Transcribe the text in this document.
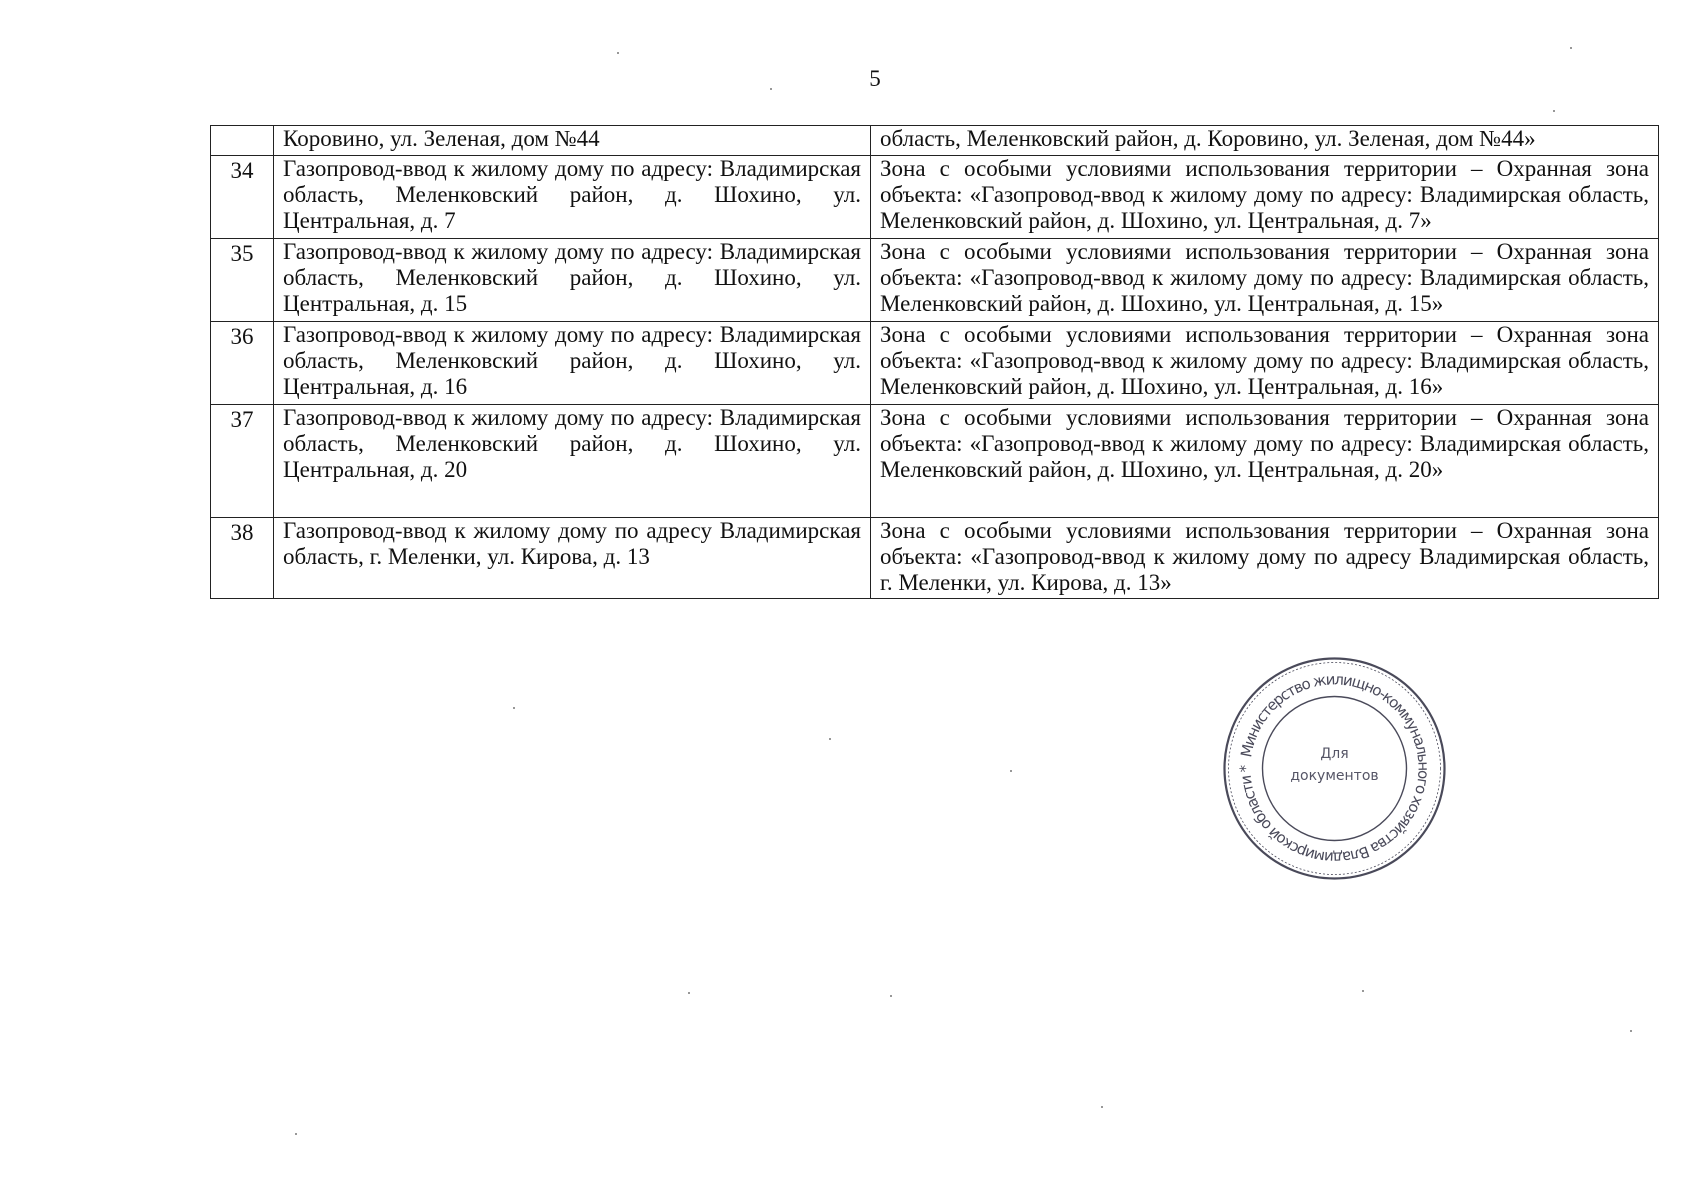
5
	Коровино, ул. Зеленая, дом №44	область, Меленковский район, д. Коровино, ул. Зеленая, дом №44»
34	Газопровод-ввод к жилому дому по адресу: Владимирская область, Меленковский район, д. Шохино, ул. Центральная, д. 7	Зона с особыми условиями использования территории – Охранная зона объекта: «Газопровод-ввод к жилому дому по адресу: Владимирская область, Меленковский район, д. Шохино, ул. Центральная, д. 7»
35	Газопровод-ввод к жилому дому по адресу: Владимирская область, Меленковский район, д. Шохино, ул. Центральная, д. 15	Зона с особыми условиями использования территории – Охранная зона объекта: «Газопровод-ввод к жилому дому по адресу: Владимирская область, Меленковский район, д. Шохино, ул. Центральная, д. 15»
36	Газопровод-ввод к жилому дому по адресу: Владимирская область, Меленковский район, д. Шохино, ул. Центральная, д. 16	Зона с особыми условиями использования территории – Охранная зона объекта: «Газопровод-ввод к жилому дому по адресу: Владимирская область, Меленковский район, д. Шохино, ул. Центральная, д. 16»
37	Газопровод-ввод к жилому дому по адресу: Владимирская область, Меленковский район, д. Шохино, ул. Центральная, д. 20	Зона с особыми условиями использования территории – Охранная зона объекта: «Газопровод-ввод к жилому дому по адресу: Владимирская область, Меленковский район, д. Шохино, ул. Центральная, д. 20»
38	Газопровод-ввод к жилому дому по адресу Владимирская область, г. Меленки, ул. Кирова, д. 13	Зона с особыми условиями использования территории – Охранная зона объекта: «Газопровод-ввод к жилому дому по адресу Владимирская область, г. Меленки, ул. Кирова, д. 13»
Министерство жилищно-коммунального хозяйства Владимирской области *
Для
документов
